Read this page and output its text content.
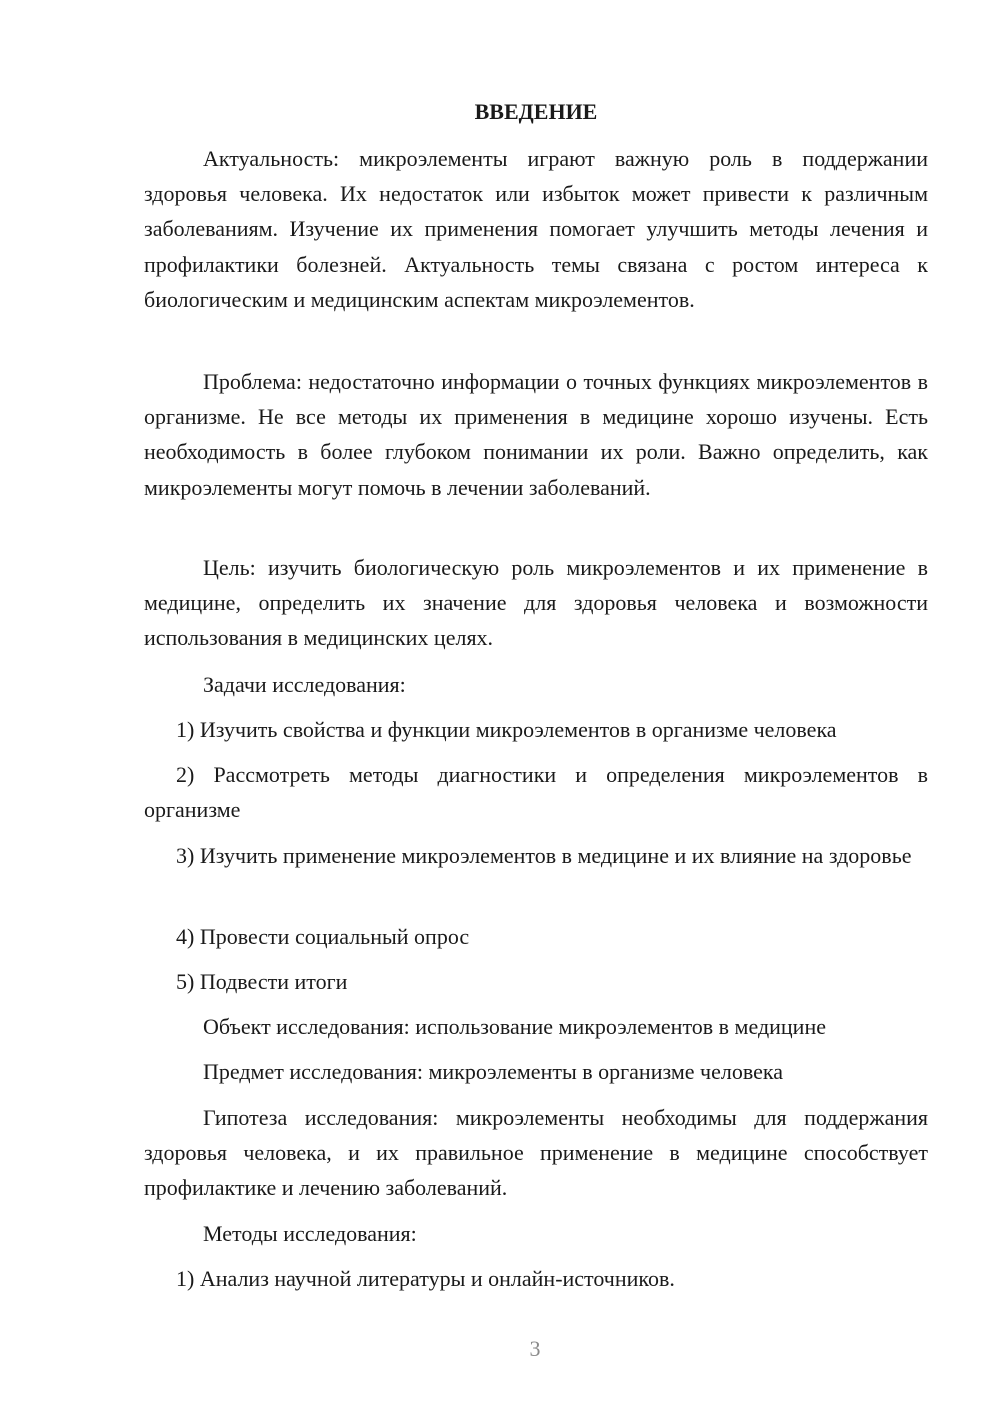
ВВЕДЕНИЕ

Актуальность: микроэлементы играют важную роль в поддержании здоровья человека. Их недостаток или избыток может привести к различным заболеваниям. Изучение их применения помогает улучшить методы лечения и профилактики болезней. Актуальность темы связана с ростом интереса к биологическим и медицинским аспектам микроэлементов.

Проблема: недостаточно информации о точных функциях микроэлементов в организме. Не все методы их применения в медицине хорошо изучены. Есть необходимость в более глубоком понимании их роли. Важно определить, как микроэлементы могут помочь в лечении заболеваний.

Цель: изучить биологическую роль микроэлементов и их применение в медицине, определить их значение для здоровья человека и возможности использования в медицинских целях.

Задачи исследования:

1) Изучить свойства и функции микроэлементов в организме человека

2) Рассмотреть методы диагностики и определения микроэлементов в организме

3) Изучить применение микроэлементов в медицине и их влияние на здоровье

4) Провести социальный опрос

5) Подвести итоги

Объект исследования: использование микроэлементов в медицине

Предмет исследования: микроэлементы в организме человека

Гипотеза исследования: микроэлементы необходимы для поддержания здоровья человека, и их правильное применение в медицине способствует профилактике и лечению заболеваний.

Методы исследования:

1) Анализ научной литературы и онлайн-источников.

3
